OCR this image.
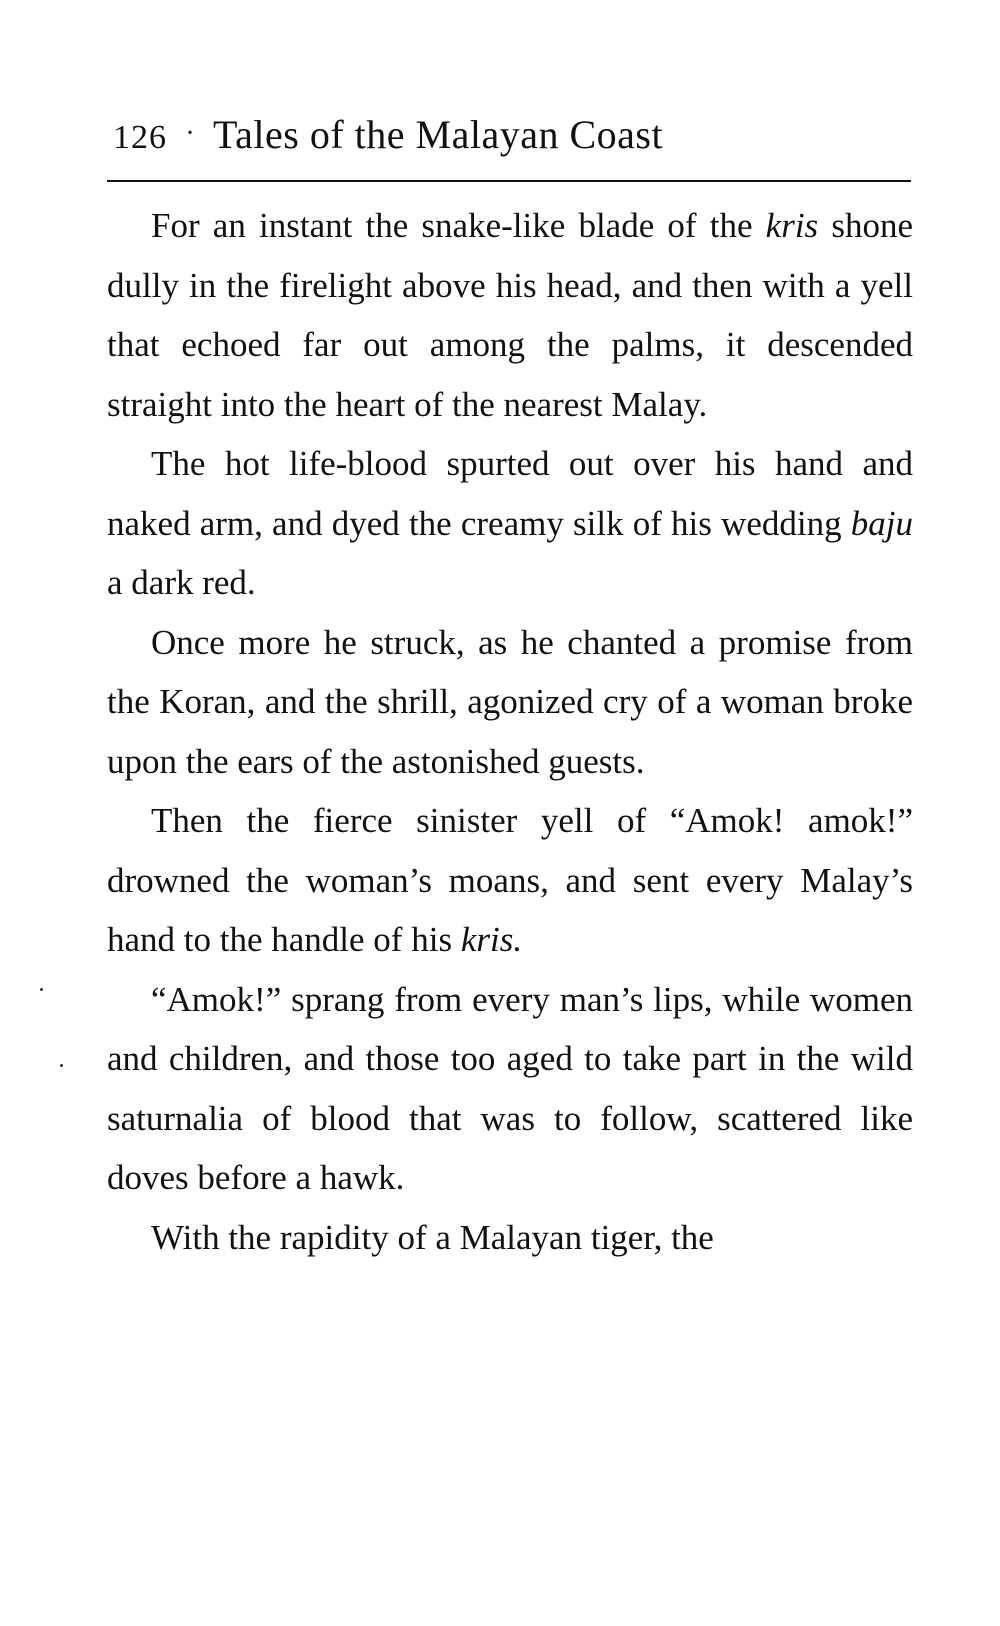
126 · Tales of the Malayan Coast

For an instant the snake-like blade of the kris shone dully in the firelight above his head, and then with a yell that echoed far out among the palms, it descended straight into the heart of the nearest Malay.

The hot life-blood spurted out over his hand and naked arm, and dyed the creamy silk of his wedding baju a dark red.

Once more he struck, as he chanted a promise from the Koran, and the shrill, agonized cry of a woman broke upon the ears of the astonished guests.

Then the fierce sinister yell of “Amok! amok!” drowned the woman’s moans, and sent every Malay’s hand to the handle of his kris.

“Amok!” sprang from every man’s lips, while women and children, and those too aged to take part in the wild saturnalia of blood that was to follow, scattered like doves before a hawk.

With the rapidity of a Malayan tiger, the
